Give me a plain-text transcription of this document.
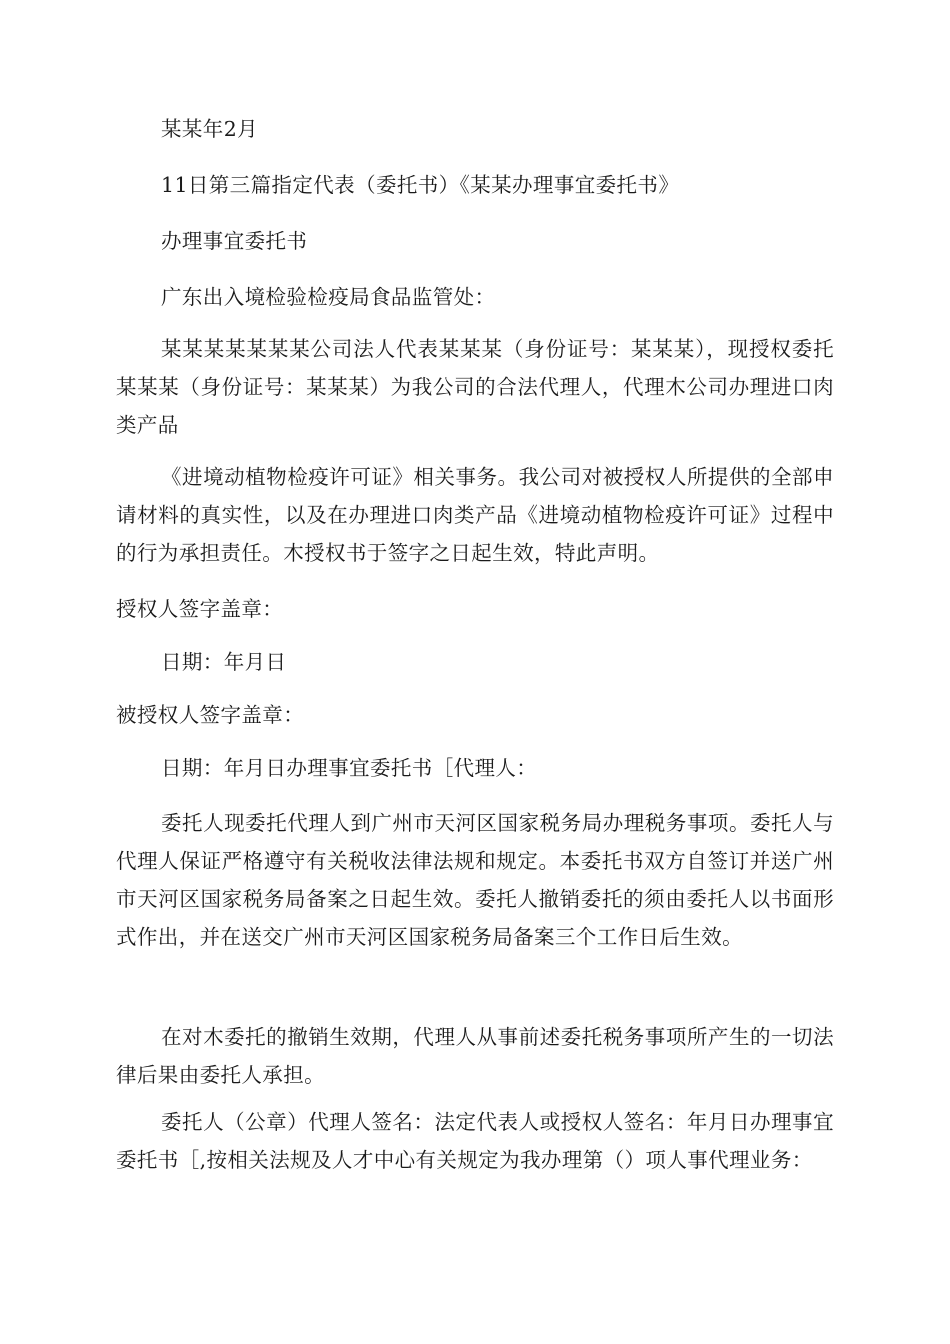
某某年2月

11日第三篇指定代表（委托书）《某某办理事宜委托书》

办理事宜委托书

广东出入境检验检疫局食品监管处：

某某某某某某某公司法人代表某某某（身份证号：某某某），现授权委托某某某（身份证号：某某某）为我公司的合法代理人，代理木公司办理进口肉类产品

《进境动植物检疫许可证》相关事务。我公司对被授权人所提供的全部申请材料的真实性，以及在办理进口肉类产品《进境动植物检疫许可证》过程中的行为承担责任。木授权书于签字之日起生效，特此声明。

授权人签字盖章：

日期：年月日

被授权人签字盖章：

日期：年月日办理事宜委托书［代理人：

委托人现委托代理人到广州市天河区国家税务局办理税务事项。委托人与代理人保证严格遵守有关税收法律法规和规定。本委托书双方自签订并送广州市天河区国家税务局备案之日起生效。委托人撤销委托的须由委托人以书面形式作出，并在送交广州市天河区国家税务局备案三个工作日后生效。

在对木委托的撤销生效期，代理人从事前述委托税务事项所产生的一切法律后果由委托人承担。

委托人（公章）代理人签名：法定代表人或授权人签名：年月日办理事宜委托书［,按相关法规及人才中心有关规定为我办理第（）项人事代理业务：
